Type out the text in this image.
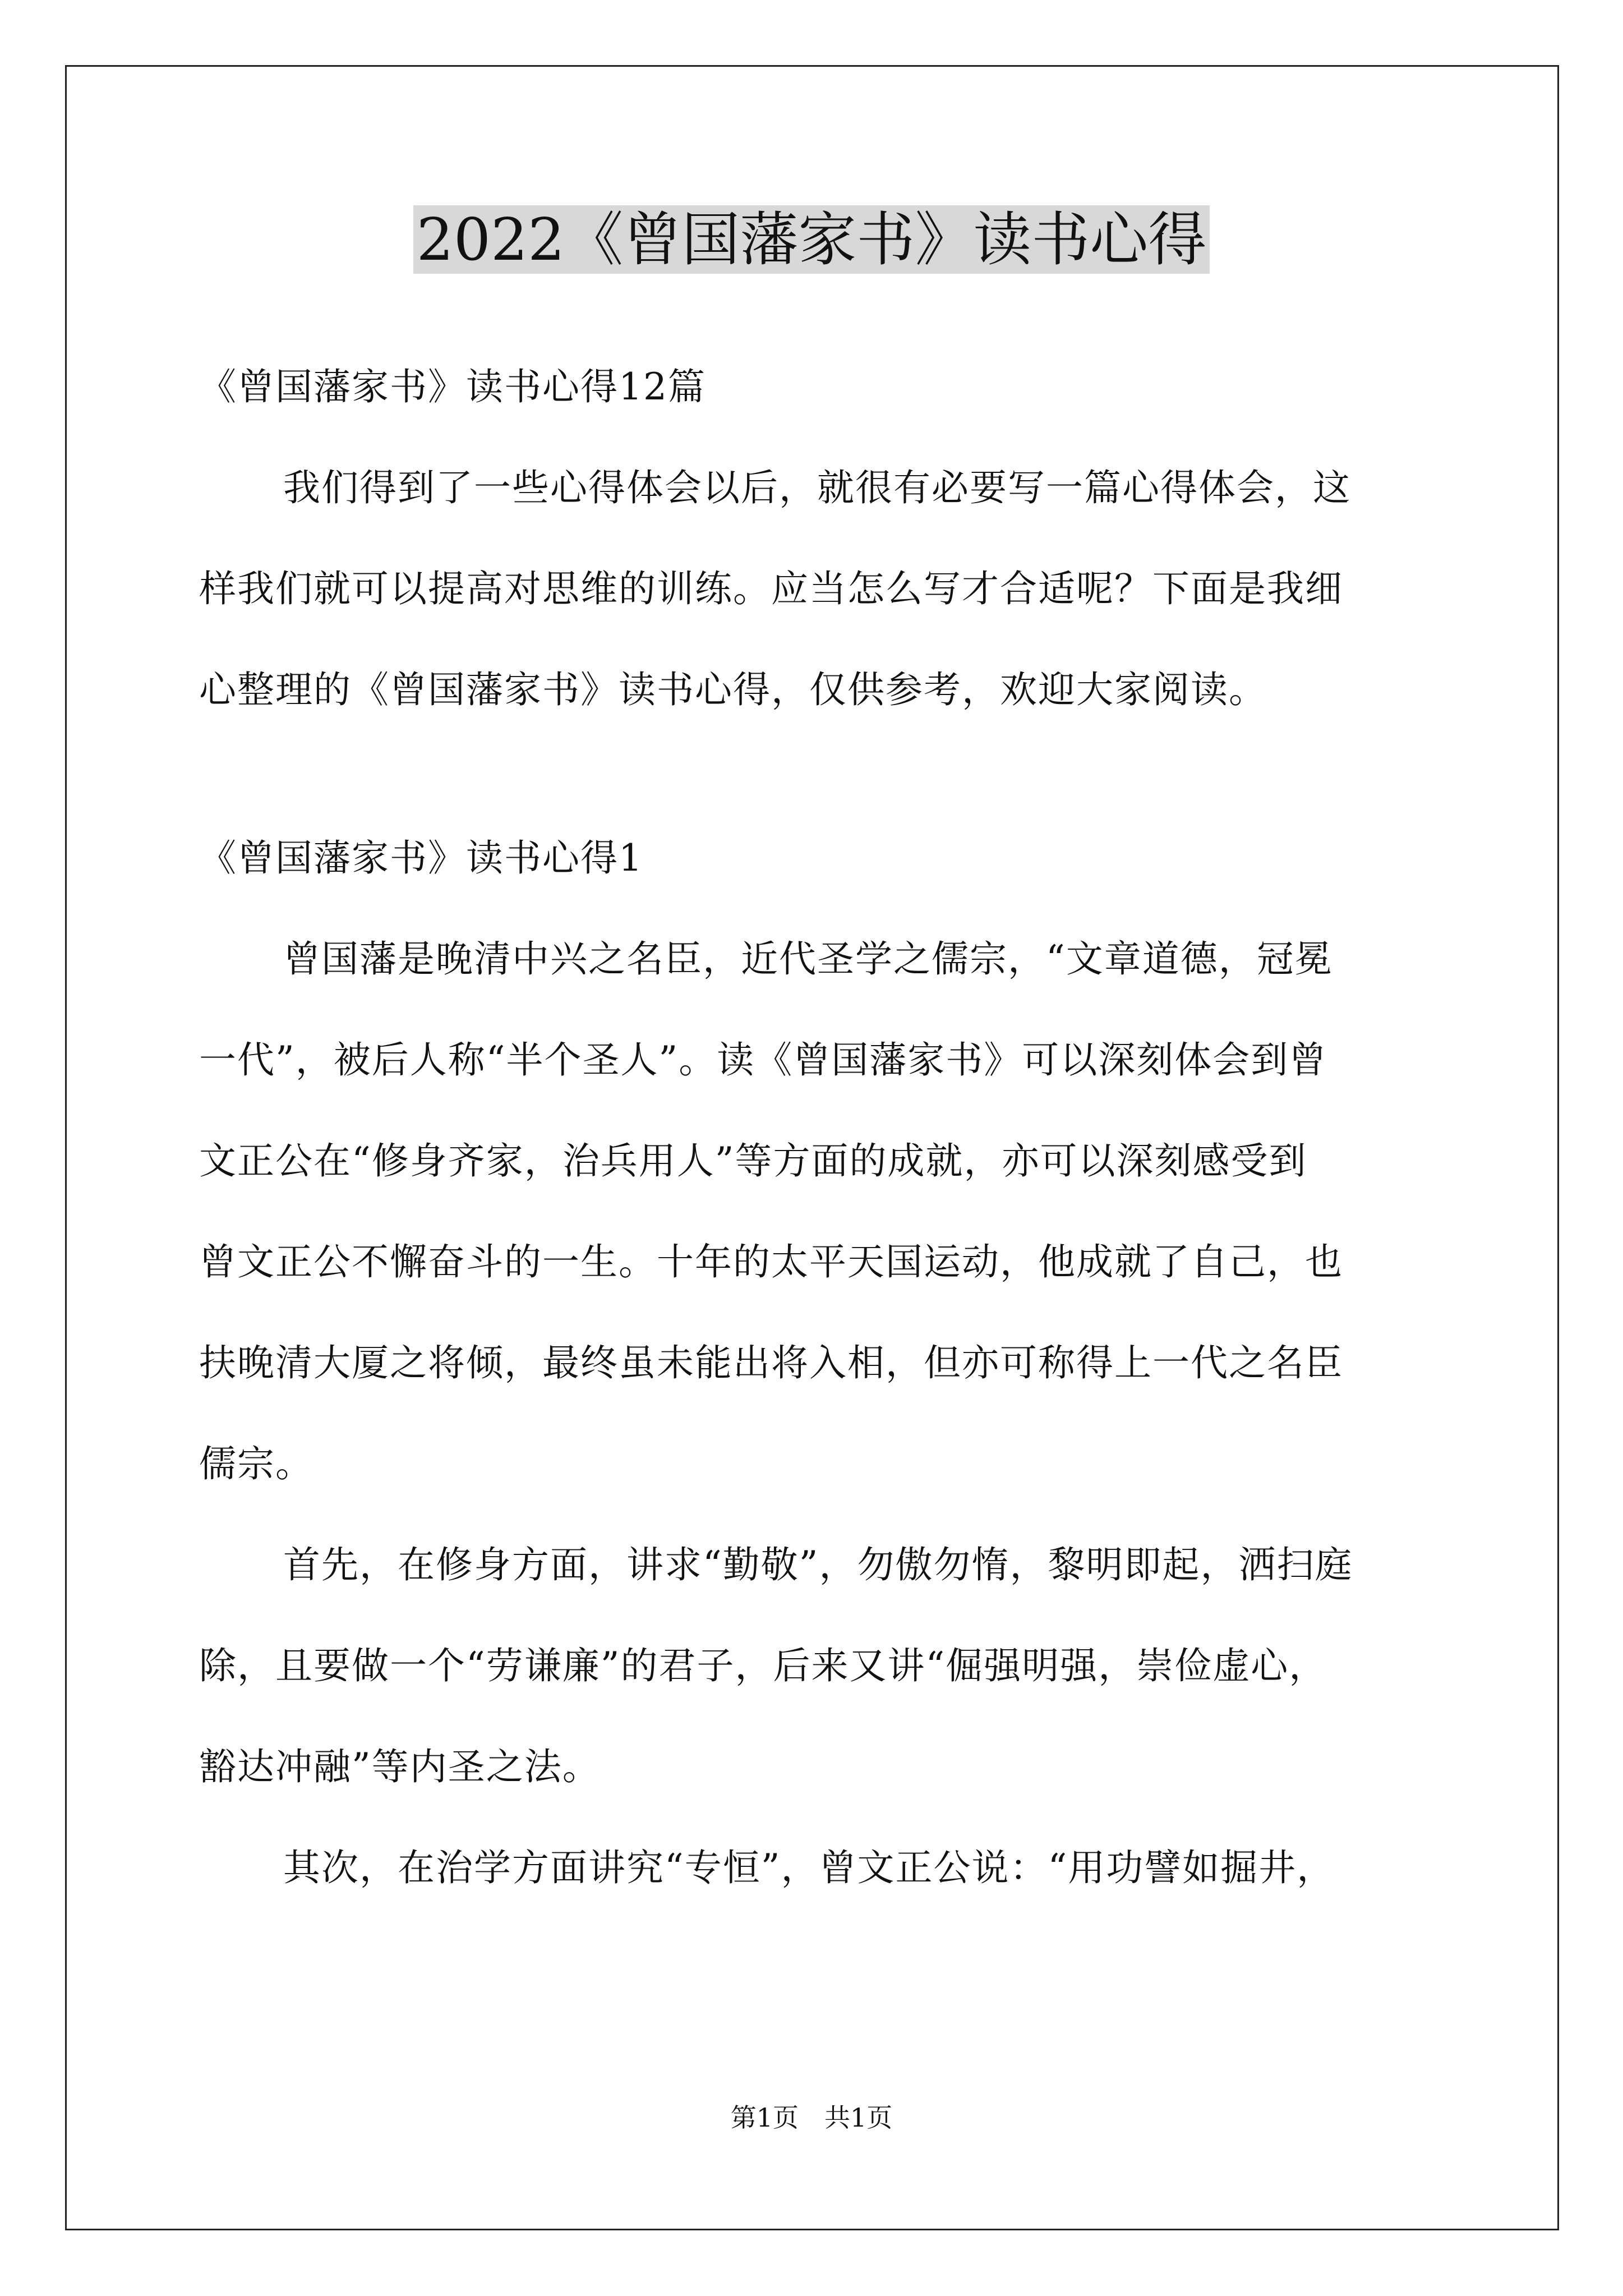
2022《曾国藩家书》读书心得
《曾国藩家书》读书心得12篇
我们得到了一些心得体会以后，就很有必要写一篇心得体会，这
样我们就可以提高对思维的训练。应当怎么写才合适呢？下面是我细
心整理的《曾国藩家书》读书心得，仅供参考，欢迎大家阅读。
《曾国藩家书》读书心得1
曾国藩是晚清中兴之名臣，近代圣学之儒宗，“文章道德，冠冕
一代”，被后人称“半个圣人”。读《曾国藩家书》可以深刻体会到曾
文正公在“修身齐家，治兵用人”等方面的成就，亦可以深刻感受到
曾文正公不懈奋斗的一生。十年的太平天国运动，他成就了自己，也
扶晚清大厦之将倾，最终虽未能出将入相，但亦可称得上一代之名臣
儒宗。
首先，在修身方面，讲求“勤敬”，勿傲勿惰，黎明即起，洒扫庭
除，且要做一个“劳谦廉”的君子，后来又讲“倔强明强，崇俭虚心，
豁达冲融”等内圣之法。
其次，在治学方面讲究“专恒”，曾文正公说：“用功譬如掘井，
第1页　共1页
